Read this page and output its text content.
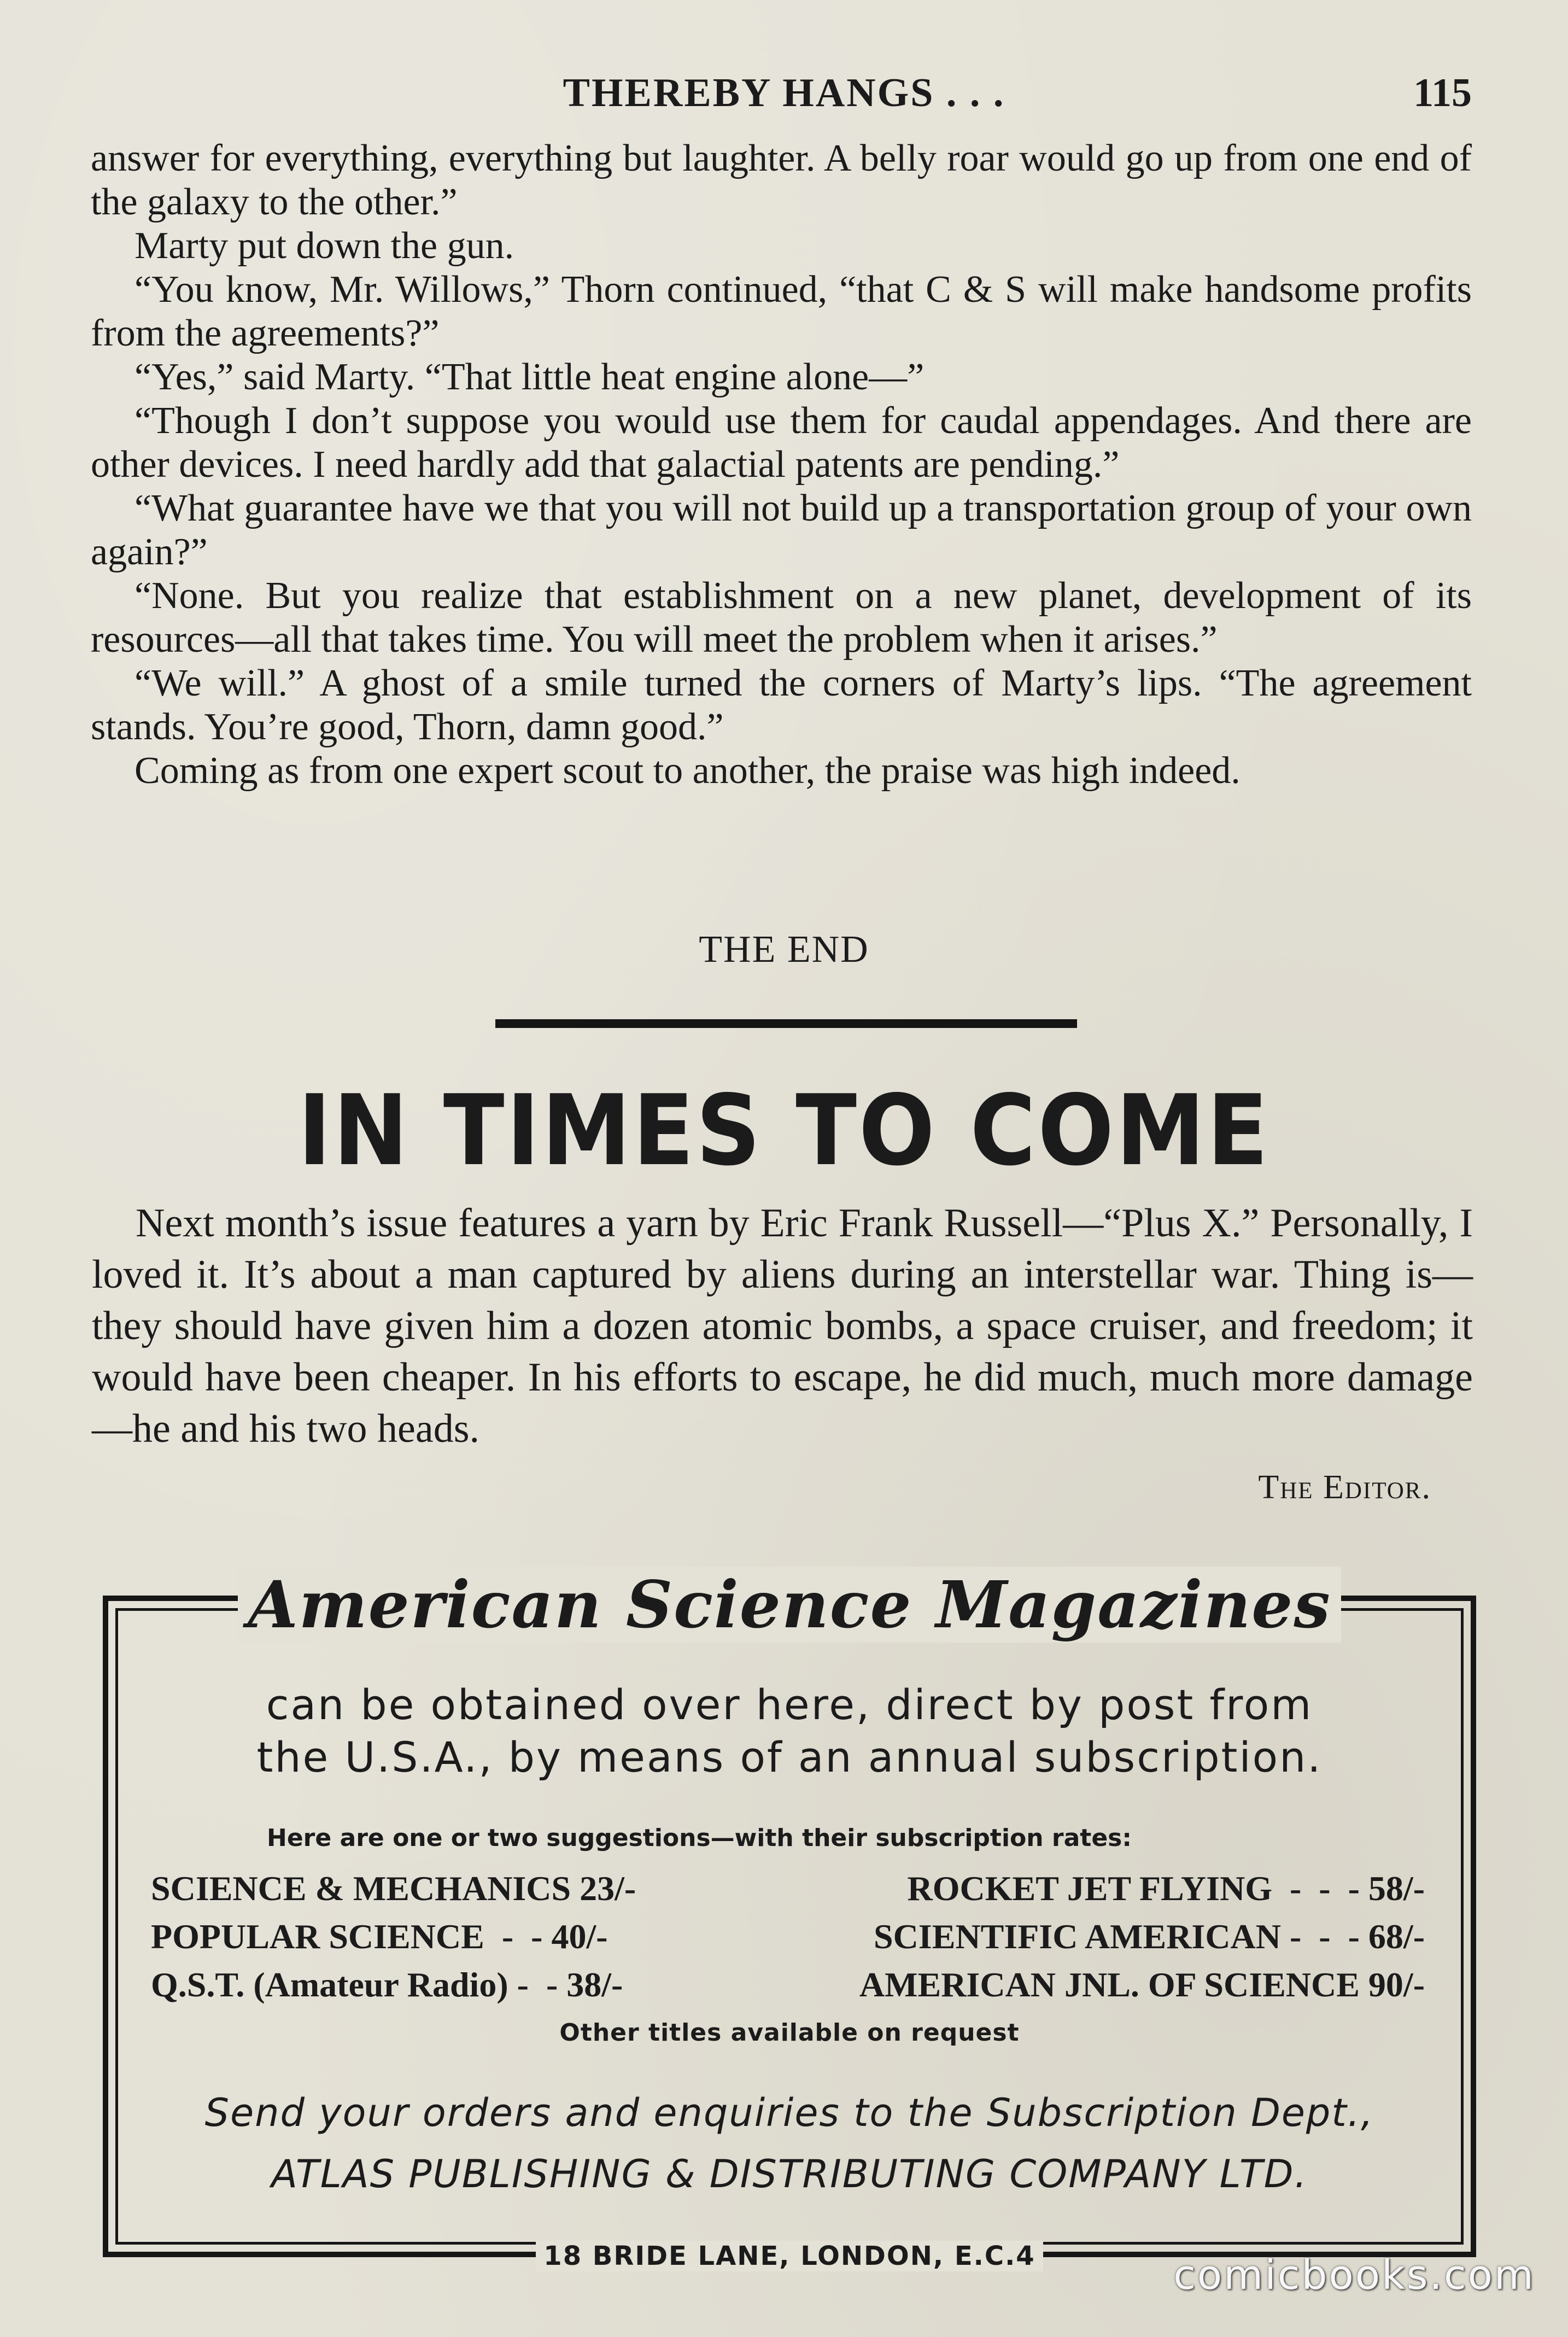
THEREBY HANGS . . .	115

answer for everything, everything but laughter. A belly roar would go up from one end of the galaxy to the other.”

Marty put down the gun.

“You know, Mr. Willows,” Thorn continued, “that C & S will make handsome profits from the agreements?”

“Yes,” said Marty. “That little heat engine alone—”

“Though I don’t suppose you would use them for caudal appendages. And there are other devices. I need hardly add that galactial patents are pending.”

“What guarantee have we that you will not build up a transportation group of your own again?”

“None. But you realize that establishment on a new planet, development of its resources—all that takes time. You will meet the problem when it arises.”

“We will.” A ghost of a smile turned the corners of Marty’s lips. “The agreement stands. You’re good, Thorn, damn good.”

Coming as from one expert scout to another, the praise was high indeed.

THE END
IN TIMES TO COME

Next month’s issue features a yarn by Eric Frank Russell—“Plus X.” Personally, I loved it. It’s about a man captured by aliens during an interstellar war. Thing is—they should have given him a dozen atomic bombs, a space cruiser, and freedom; it would have been cheaper. In his efforts to escape, he did much, much more damage—he and his two heads.

The Editor.
American Science Magazines
can be obtained over here, direct by post from
the U.S.A., by means of an annual subscription.
Here are one or two suggestions—with their subscription rates:
SCIENCE & MECHANICS 23/-	ROCKET JET FLYING  -  -  - 58/-
POPULAR SCIENCE  -  - 40/-	SCIENTIFIC AMERICAN -  -  - 68/-
Q.S.T. (Amateur Radio) -  - 38/-	AMERICAN JNL. OF SCIENCE 90/-
Other titles available on request
Send your orders and enquiries to the Subscription Dept.,
ATLAS PUBLISHING & DISTRIBUTING COMPANY LTD.
18 BRIDE LANE, LONDON, E.C.4	comicbooks.com
